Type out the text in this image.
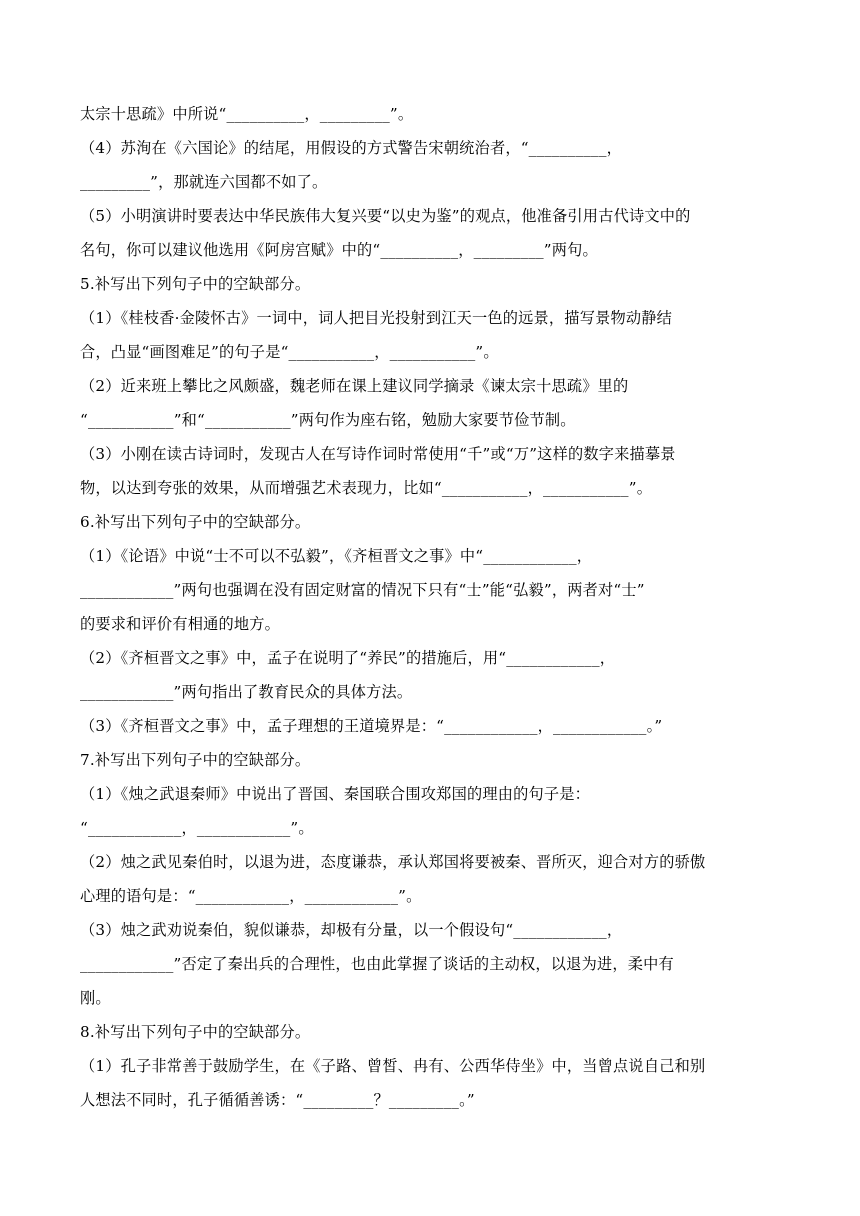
太宗十思疏》中所说“__________，_________”。
（4）苏洵在《六国论》的结尾，用假设的方式警告宋朝统治者，“__________，
_________”，那就连六国都不如了。
（5）小明演讲时要表达中华民族伟大复兴要“以史为鉴”的观点，他准备引用古代诗文中的
名句，你可以建议他选用《阿房宫赋》中的“__________，_________”两句。
5.补写出下列句子中的空缺部分。
（1）《桂枝香·金陵怀古》一词中，词人把目光投射到江天一色的远景，描写景物动静结
合，凸显“画图难足”的句子是“___________，___________”。
（2）近来班上攀比之风颇盛，魏老师在课上建议同学摘录《谏太宗十思疏》里的
“___________”和“___________”两句作为座右铭，勉励大家要节俭节制。
（3）小刚在读古诗词时，发现古人在写诗作词时常使用“千”或“万”这样的数字来描摹景
物，以达到夸张的效果，从而增强艺术表现力，比如“___________，___________”。
6.补写出下列句子中的空缺部分。
（1）《论语》中说“士不可以不弘毅”，《齐桓晋文之事》中“____________，
____________”两句也强调在没有固定财富的情况下只有“士”能“弘毅”，两者对“士”
的要求和评价有相通的地方。
（2）《齐桓晋文之事》中，孟子在说明了“养民”的措施后，用“____________，
____________”两句指出了教育民众的具体方法。
（3）《齐桓晋文之事》中，孟子理想的王道境界是：“____________，____________。”
7.补写出下列句子中的空缺部分。
（1）《烛之武退秦师》中说出了晋国、秦国联合围攻郑国的理由的句子是：
“____________，____________”。
（2）烛之武见秦伯时，以退为进，态度谦恭，承认郑国将要被秦、晋所灭，迎合对方的骄傲
心理的语句是：“____________，____________”。
（3）烛之武劝说秦伯，貌似谦恭，却极有分量，以一个假设句“____________，
____________”否定了秦出兵的合理性，也由此掌握了谈话的主动权，以退为进，柔中有
刚。
8.补写出下列句子中的空缺部分。
（1）孔子非常善于鼓励学生，在《子路、曾皙、冉有、公西华侍坐》中，当曾点说自己和别
人想法不同时，孔子循循善诱：“_________？_________。”
